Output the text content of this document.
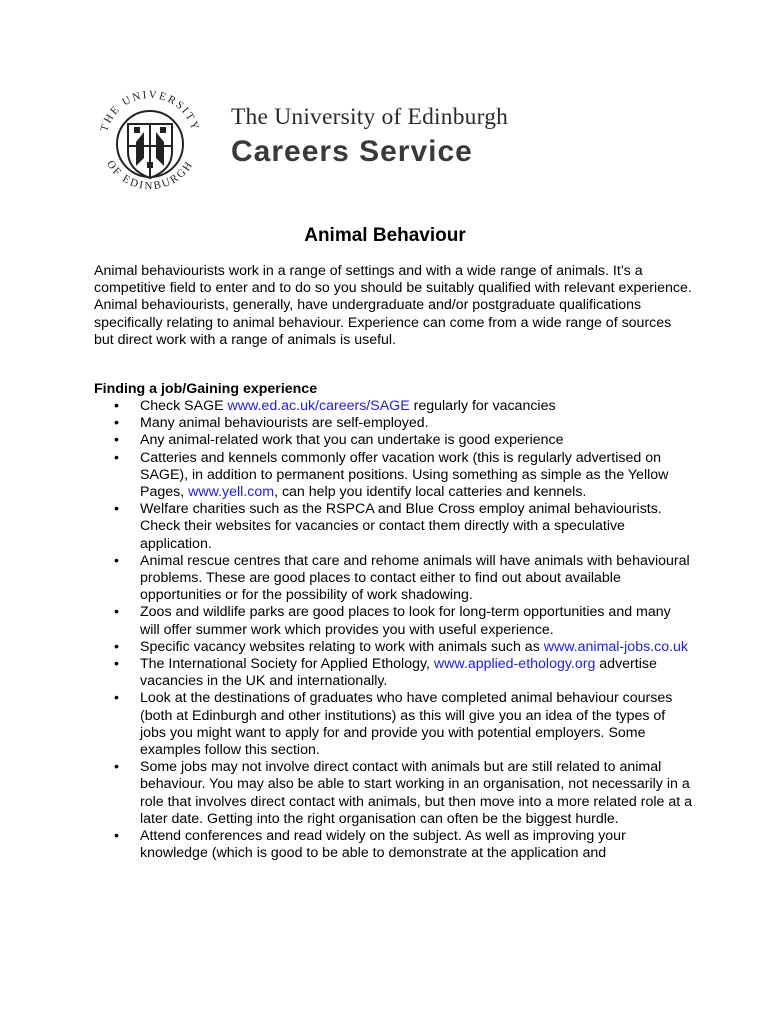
THE UNIVERSITY
OF EDINBURGH
The University of Edinburgh
Careers Service
Animal Behaviour

Animal behaviourists work in a range of settings and with a wide range of animals. It’s a competitive field to enter and to do so you should be suitably qualified with relevant experience. Animal behaviourists, generally, have undergraduate and/or postgraduate qualifications specifically relating to animal behaviour. Experience can come from a wide range of sources but direct work with a range of animals is useful.

Finding a job/Gaining experience
• Check SAGE www.ed.ac.uk/careers/SAGE regularly for vacancies
• Many animal behaviourists are self-employed.
• Any animal-related work that you can undertake is good experience
• Catteries and kennels commonly offer vacation work (this is regularly advertised on SAGE), in addition to permanent positions. Using something as simple as the Yellow Pages, www.yell.com, can help you identify local catteries and kennels.
• Welfare charities such as the RSPCA and Blue Cross employ animal behaviourists. Check their websites for vacancies or contact them directly with a speculative application.
• Animal rescue centres that care and rehome animals will have animals with behavioural problems. These are good places to contact either to find out about available opportunities or for the possibility of work shadowing.
• Zoos and wildlife parks are good places to look for long-term opportunities and many will offer summer work which provides you with useful experience.
• Specific vacancy websites relating to work with animals such as www.animal-jobs.co.uk
• The International Society for Applied Ethology, www.applied-ethology.org advertise vacancies in the UK and internationally.
• Look at the destinations of graduates who have completed animal behaviour courses (both at Edinburgh and other institutions) as this will give you an idea of the types of jobs you might want to apply for and provide you with potential employers. Some examples follow this section.
• Some jobs may not involve direct contact with animals but are still related to animal behaviour. You may also be able to start working in an organisation, not necessarily in a role that involves direct contact with animals, but then move into a more related role at a later date. Getting into the right organisation can often be the biggest hurdle.
• Attend conferences and read widely on the subject. As well as improving your knowledge (which is good to be able to demonstrate at the application and
